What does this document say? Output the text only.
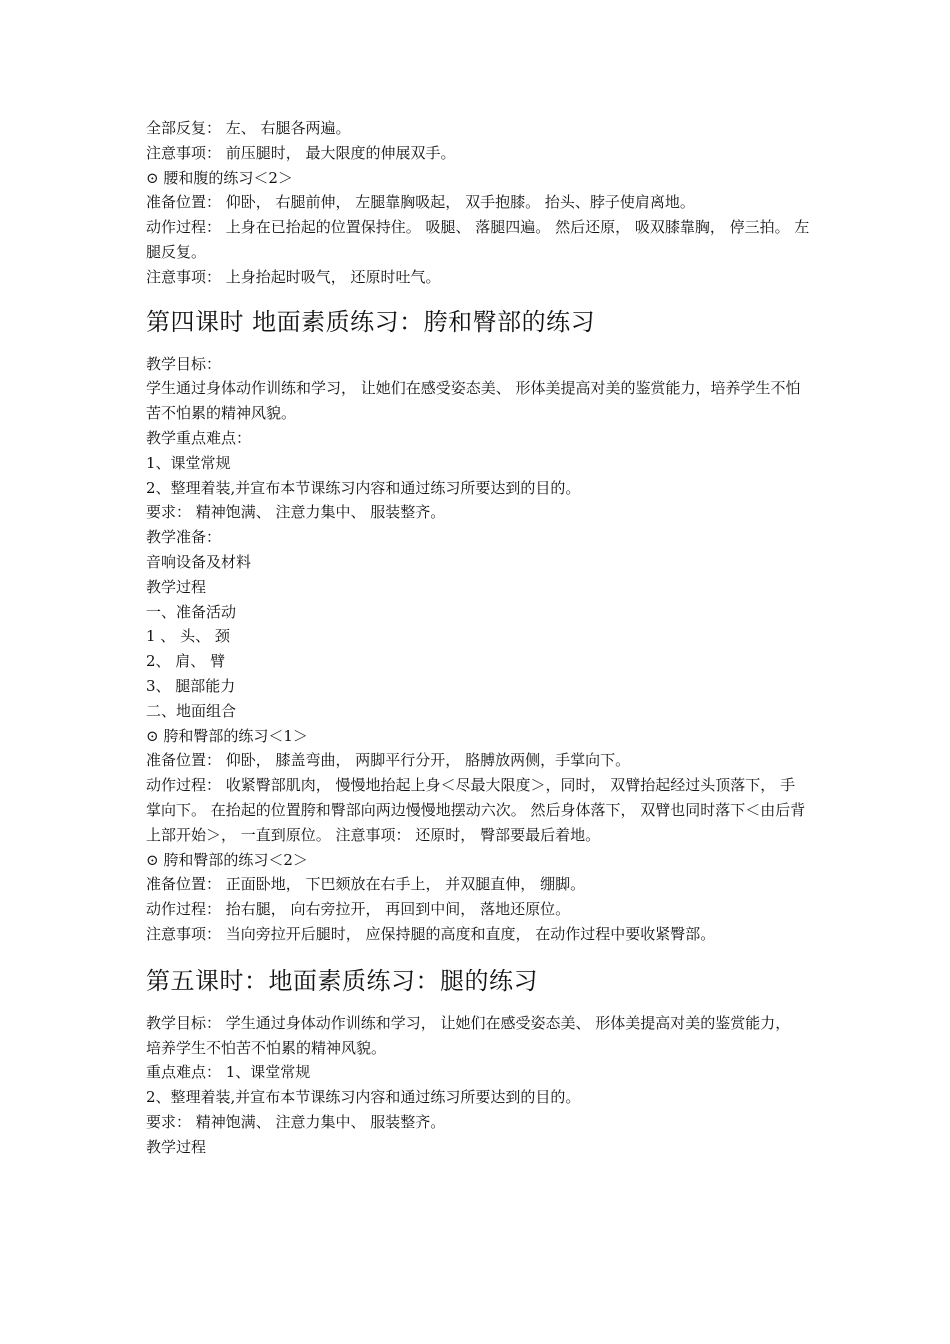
全部反复： 左、 右腿各两遍。

注意事项： 前压腿时， 最大限度的伸展双手。

⊙ 腰和腹的练习＜2＞

准备位置： 仰卧， 右腿前伸， 左腿靠胸吸起， 双手抱膝。 抬头、脖子使肩离地。

动作过程： 上身在已抬起的位置保持住。 吸腿、 落腿四遍。 然后还原， 吸双膝靠胸， 停三拍。 左腿反复。

注意事项： 上身抬起时吸气， 还原时吐气。

第四课时 地面素质练习：胯和臀部的练习

教学目标：

学生通过身体动作训练和学习， 让她们在感受姿态美、 形体美提高对美的鉴赏能力，培养学生不怕苦不怕累的精神风貌。

教学重点难点：

1、课堂常规

2、整理着装,并宣布本节课练习内容和通过练习所要达到的目的。

要求： 精神饱满、 注意力集中、 服装整齐。

教学准备：

音响设备及材料

教学过程

一、准备活动

1 、 头、 颈

2、 肩、 臂

3、 腿部能力

二、地面组合

⊙ 胯和臀部的练习＜1＞

准备位置： 仰卧， 膝盖弯曲， 两脚平行分开， 胳膊放两侧，手掌向下。

动作过程： 收紧臀部肌肉， 慢慢地抬起上身＜尽最大限度＞，同时， 双臂抬起经过头顶落下， 手掌向下。 在抬起的位置胯和臀部向两边慢慢地摆动六次。 然后身体落下， 双臂也同时落下＜由后背上部开始＞， 一直到原位。 注意事项： 还原时， 臀部要最后着地。

⊙ 胯和臀部的练习＜2＞

准备位置： 正面卧地， 下巴颏放在右手上， 并双腿直伸， 绷脚。

动作过程： 抬右腿， 向右旁拉开， 再回到中间， 落地还原位。

注意事项： 当向旁拉开后腿时， 应保持腿的高度和直度， 在动作过程中要收紧臀部。

第五课时：地面素质练习：腿的练习

教学目标： 学生通过身体动作训练和学习， 让她们在感受姿态美、 形体美提高对美的鉴赏能力， 培养学生不怕苦不怕累的精神风貌。

重点难点： 1、课堂常规

2、整理着装,并宣布本节课练习内容和通过练习所要达到的目的。

要求： 精神饱满、 注意力集中、 服装整齐。

教学过程
